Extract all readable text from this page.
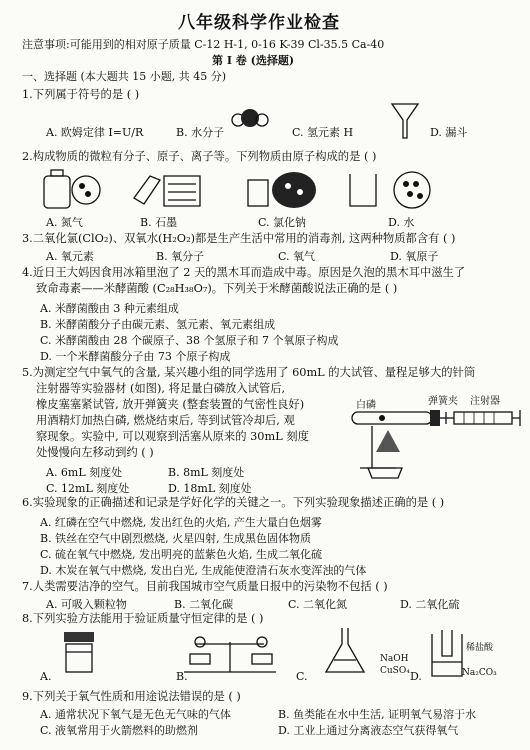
八年级科学作业检查
注意事项:可能用到的相对原子质量 C-12 H-1, 0-16 K-39 Cl-35.5 Ca-40
第 I 卷 (选择题)
一、选择题 (本大题共 15 小题, 共 45 分)
1.下列属于符号的是 ( )
A. 欧姆定律 I=U/R	B. 水分子	C. 氢元素 H	D. 漏斗
2.构成物质的微粒有分子、原子、离子等。下列物质由原子构成的是 ( )
A. 氮气	B. 石墨	C. 氯化钠	D. 水
3.二氧化氯(ClO₂)、双氧水(H₂O₂)都是生产生活中常用的消毒剂, 这两种物质都含有 ( )
A. 氧元素	B. 氧分子	C. 氧气	D. 氧原子
4.近日王大妈因食用冰箱里泡了 2 天的黑木耳而造成中毒。原因是久泡的黑木耳中滋生了
致命毒素——米酵菌酸 (C₂₈H₃₈O₇)。下列关于米酵菌酸说法正确的是 ( )
A. 米酵菌酸由 3 种元素组成
B. 米酵菌酸分子由碳元素、氢元素、氧元素组成
C. 米酵菌酸由 28 个碳原子、38 个氢原子和 7 个氧原子构成
D. 一个米酵菌酸分子由 73 个原子构成
5.为测定空气中氧气的含量, 某兴趣小组的同学选用了 60mL 的大试管、量程足够大的针筒
注射器等实验器材 (如图), 将足量白磷放入试管后,
橡皮塞塞紧试管, 放开弹簧夹 (整套装置的气密性良好)
用酒精灯加热白磷, 燃烧结束后, 等到试管冷却后, 观
察现象。实验中, 可以观察到活塞从原来的 30mL 刻度
处慢慢向左移动到约 ( )
A. 6mL 刻度处	B. 8mL 刻度处
C. 12mL 刻度处	D. 18mL 刻度处
白磷	弹簧夹 注射器
6.实验现象的正确描述和记录是学好化学的关键之一。下列实验现象描述正确的是 ( )
A. 红磷在空气中燃烧, 发出红色的火焰, 产生大量白色烟雾
B. 铁丝在空气中剧烈燃烧, 火星四射, 生成黑色固体物质
C. 硫在氧气中燃烧, 发出明亮的蓝紫色火焰, 生成二氧化硫
D. 木炭在氧气中燃烧, 发出白光, 生成能使澄清石灰水变浑浊的气体
7.人类需要洁净的空气。目前我国城市空气质量日报中的污染物不包括 ( )
A. 可吸入颗粒物	B. 二氧化碳	C. 二氧化氮	D. 二氧化硫
8.下列实验方法能用于验证质量守恒定律的是 ( )
NaOH
CuSO₄
稀盐酸
Na₂CO₃
A.	B.	C.	D.
9.下列关于氧气性质和用途说法错误的是 ( )
A. 通常状况下氧气是无色无气味的气体	B. 鱼类能在水中生活, 证明氧气易溶于水
C. 液氧常用于火箭燃料的助燃剂	D. 工业上通过分离液态空气获得氧气
